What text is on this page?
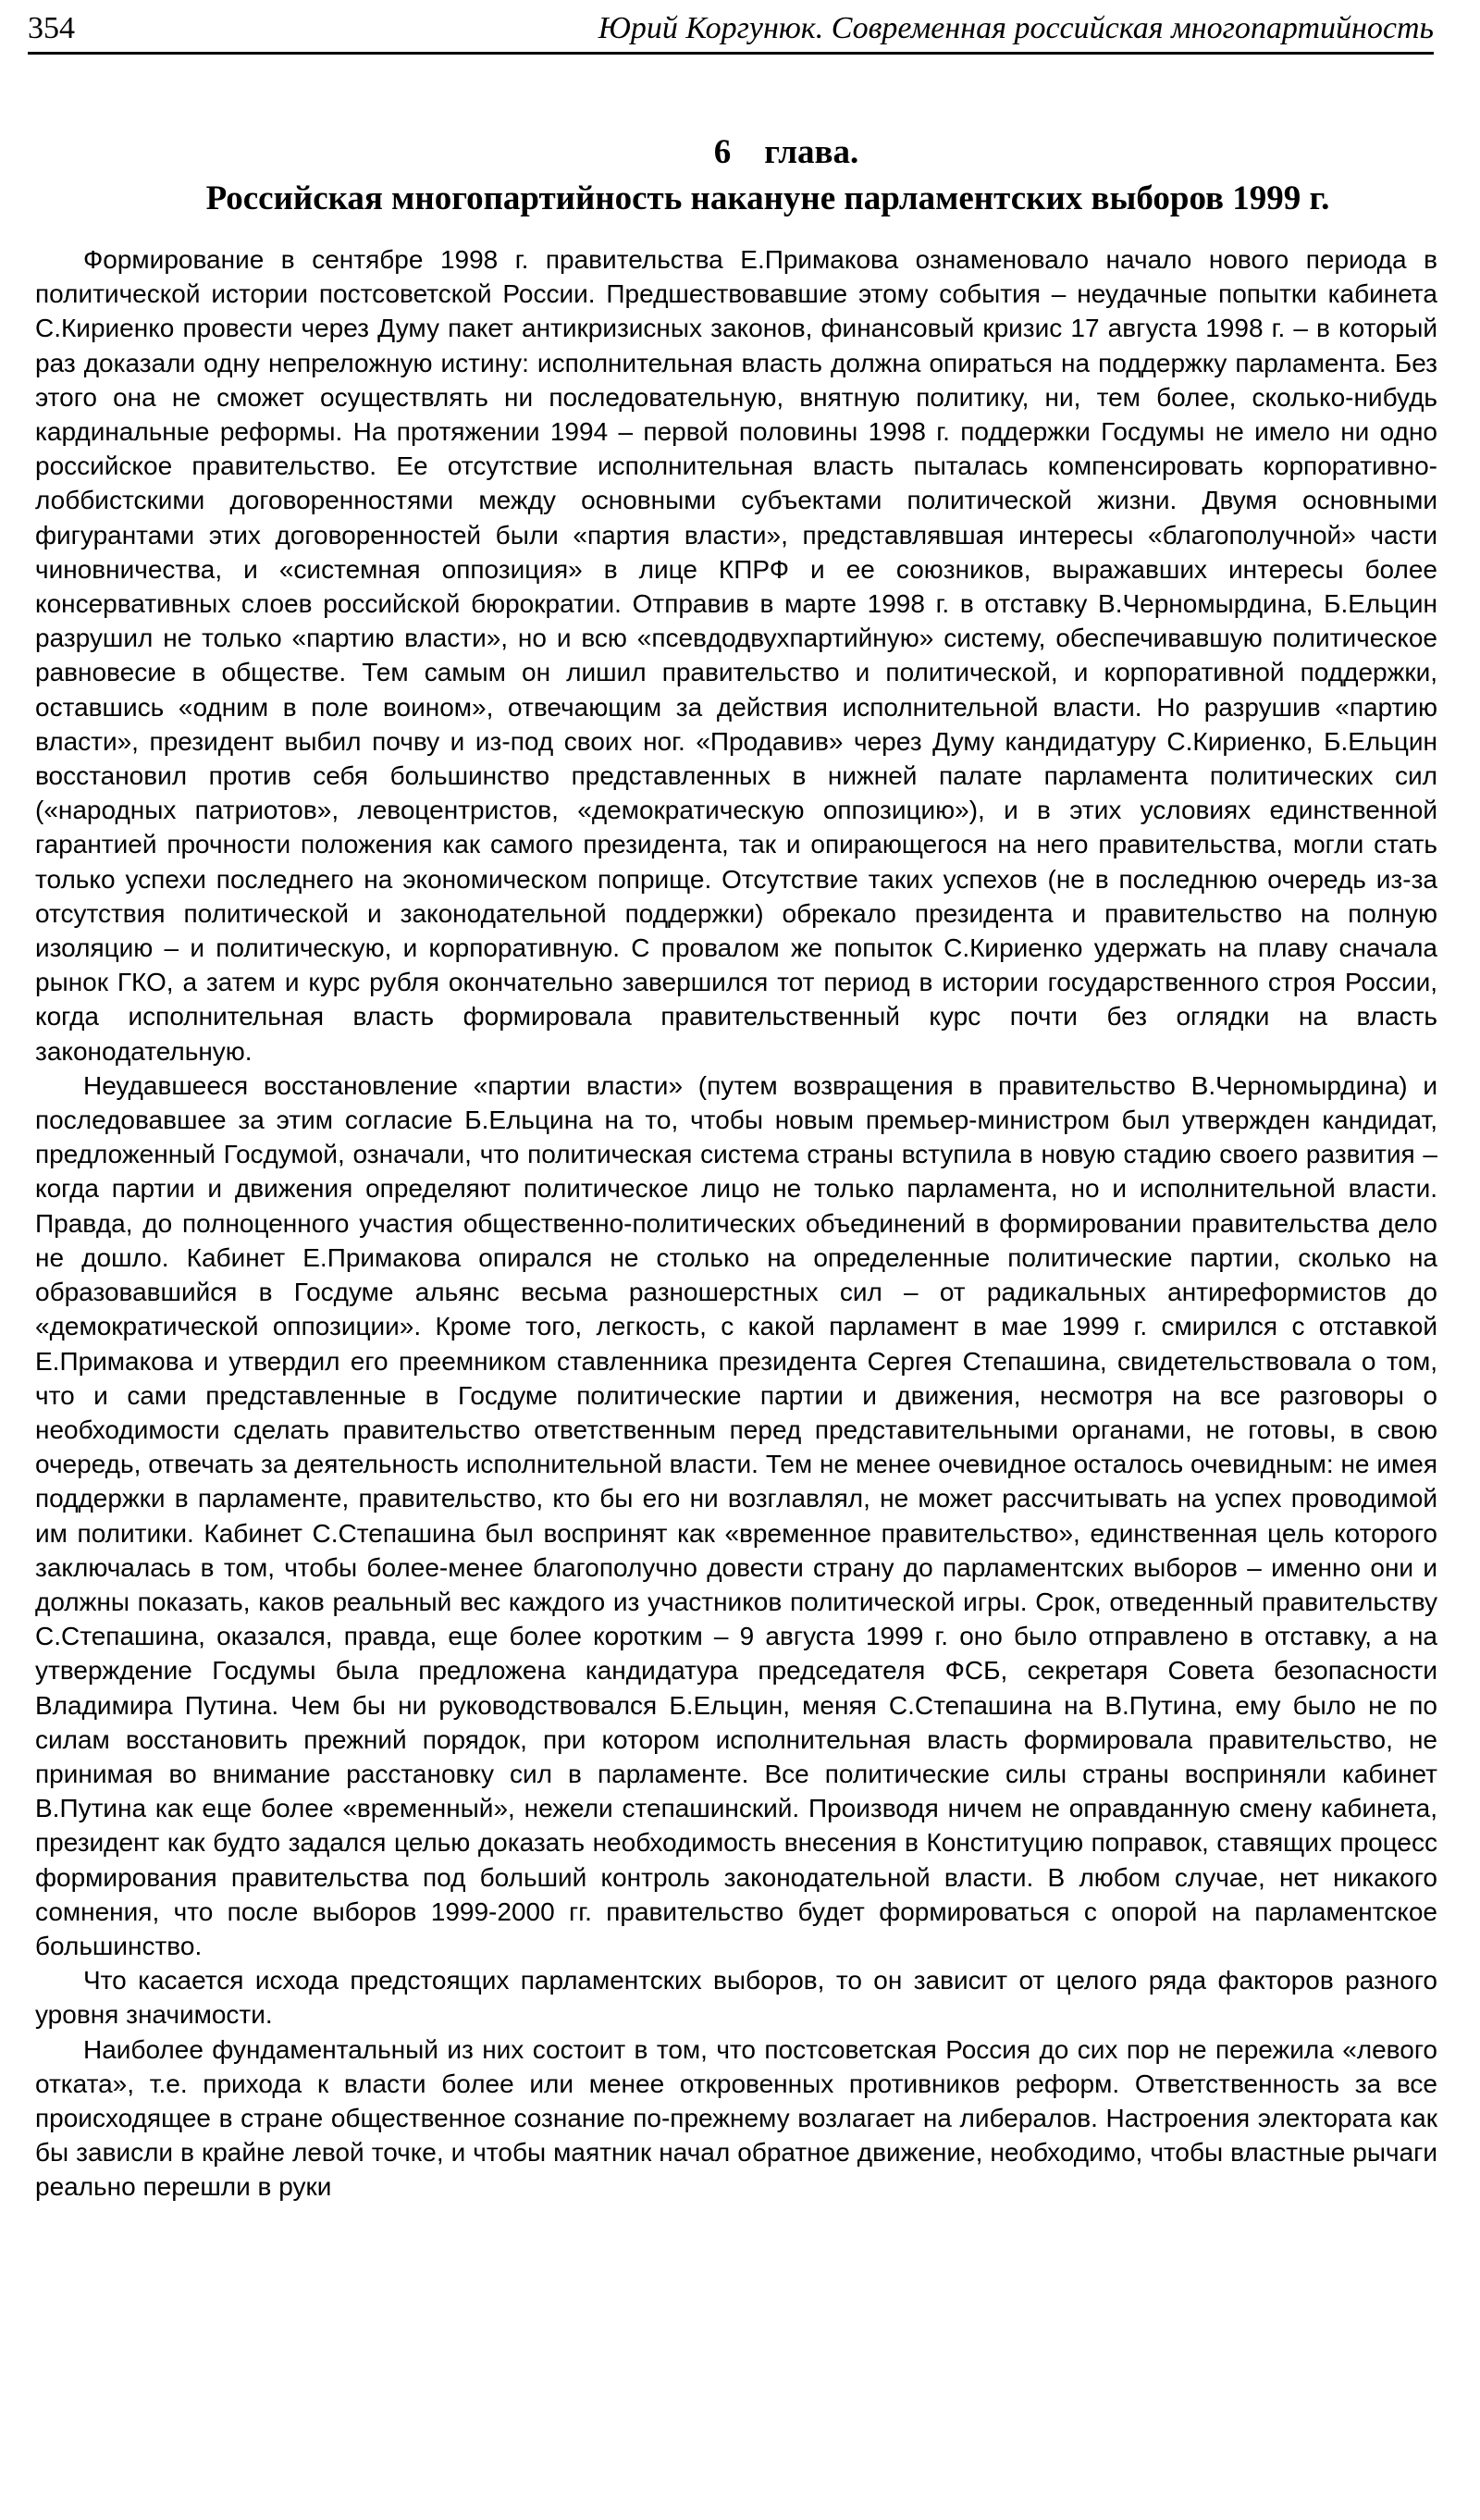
354	Юрий Коргунюк. Современная российская многопартийность
6 глава.
Российская многопартийность накануне парламентских выборов 1999 г.

Формирование в сентябре 1998 г. правительства Е.Примакова ознаменовало начало нового периода в политической истории постсоветской России. Предшествовавшие этому события – неудачные попытки кабинета С.Кириенко провести через Думу пакет антикризисных законов, финансовый кризис 17 августа 1998 г. – в который раз доказали одну непреложную истину: исполнительная власть должна опираться на поддержку парламента. Без этого она не сможет осуществлять ни последовательную, внятную политику, ни, тем более, сколько-нибудь кардинальные реформы. На протяжении 1994 – первой половины 1998 г. поддержки Госдумы не имело ни одно российское правительство. Ее отсутствие исполнительная власть пыталась компенсировать корпоративно-лоббистскими договоренностями между основными субъектами политической жизни. Двумя основными фигурантами этих договоренностей были «партия власти», представлявшая интересы «благополучной» части чиновничества, и «системная оппозиция» в лице КПРФ и ее союзников, выражавших интересы более консервативных слоев российской бюрократии. Отправив в марте 1998 г. в отставку В.Черномырдина, Б.Ельцин разрушил не только «партию власти», но и всю «псевдодвухпартийную» систему, обеспечивавшую политическое равновесие в обществе. Тем самым он лишил правительство и политической, и корпоративной поддержки, оставшись «одним в поле воином», отвечающим за действия исполнительной власти. Но разрушив «партию власти», президент выбил почву и из-под своих ног. «Продавив» через Думу кандидатуру С.Кириенко, Б.Ельцин восстановил против себя большинство представленных в нижней палате парламента политических сил («народных патриотов», левоцентристов, «демократическую оппозицию»), и в этих условиях единственной гарантией прочности положения как самого президента, так и опирающегося на него правительства, могли стать только успехи последнего на экономическом поприще. Отсутствие таких успехов (не в последнюю очередь из-за отсутствия политической и законодательной поддержки) обрекало президента и правительство на полную изоляцию – и политическую, и корпоративную. С провалом же попыток С.Кириенко удержать на плаву сначала рынок ГКО, а затем и курс рубля окончательно завершился тот период в истории государственного строя России, когда исполнительная власть формировала правительственный курс почти без оглядки на власть законодательную.

Неудавшееся восстановление «партии власти» (путем возвращения в правительство В.Черномырдина) и последовавшее за этим согласие Б.Ельцина на то, чтобы новым премьер-министром был утвержден кандидат, предложенный Госдумой, означали, что политическая система страны вступила в новую стадию своего развития – когда партии и движения определяют политическое лицо не только парламента, но и исполнительной власти. Правда, до полноценного участия общественно-политических объединений в формировании правительства дело не дошло. Кабинет Е.Примакова опирался не столько на определенные политические партии, сколько на образовавшийся в Госдуме альянс весьма разношерстных сил – от радикальных антиреформистов до «демократической оппозиции». Кроме того, легкость, с какой парламент в мае 1999 г. смирился с отставкой Е.Примакова и утвердил его преемником ставленника президента Сергея Степашина, свидетельствовала о том, что и сами представленные в Госдуме политические партии и движения, несмотря на все разговоры о необходимости сделать правительство ответственным перед представительными органами, не готовы, в свою очередь, отвечать за деятельность исполнительной власти. Тем не менее очевидное осталось очевидным: не имея поддержки в парламенте, правительство, кто бы его ни возглавлял, не может рассчитывать на успех проводимой им политики. Кабинет С.Степашина был воспринят как «временное правительство», единственная цель которого заключалась в том, чтобы более-менее благополучно довести страну до парламентских выборов – именно они и должны показать, каков реальный вес каждого из участников политической игры. Срок, отведенный правительству С.Степашина, оказался, правда, еще более коротким – 9 августа 1999 г. оно было отправлено в отставку, а на утверждение Госдумы была предложена кандидатура председателя ФСБ, секретаря Совета безопасности Владимира Путина. Чем бы ни руководствовался Б.Ельцин, меняя С.Степашина на В.Путина, ему было не по силам восстановить прежний порядок, при котором исполнительная власть формировала правительство, не принимая во внимание расстановку сил в парламенте. Все политические силы страны восприняли кабинет В.Путина как еще более «временный», нежели степашинский. Производя ничем не оправданную смену кабинета, президент как будто задался целью доказать необходимость внесения в Конституцию поправок, ставящих процесс формирования правительства под больший контроль законодательной власти. В любом случае, нет никакого сомнения, что после выборов 1999-2000 гг. правительство будет формироваться с опорой на парламентское большинство.

Что касается исхода предстоящих парламентских выборов, то он зависит от целого ряда факторов разного уровня значимости.

Наиболее фундаментальный из них состоит в том, что постсоветская Россия до сих пор не пережила «левого отката», т.е. прихода к власти более или менее откровенных противников реформ. Ответственность за все происходящее в стране общественное сознание по-прежнему возлагает на либералов. Настроения электората как бы зависли в крайне левой точке, и чтобы маятник начал обратное движение, необходимо, чтобы властные рычаги реально перешли в руки
